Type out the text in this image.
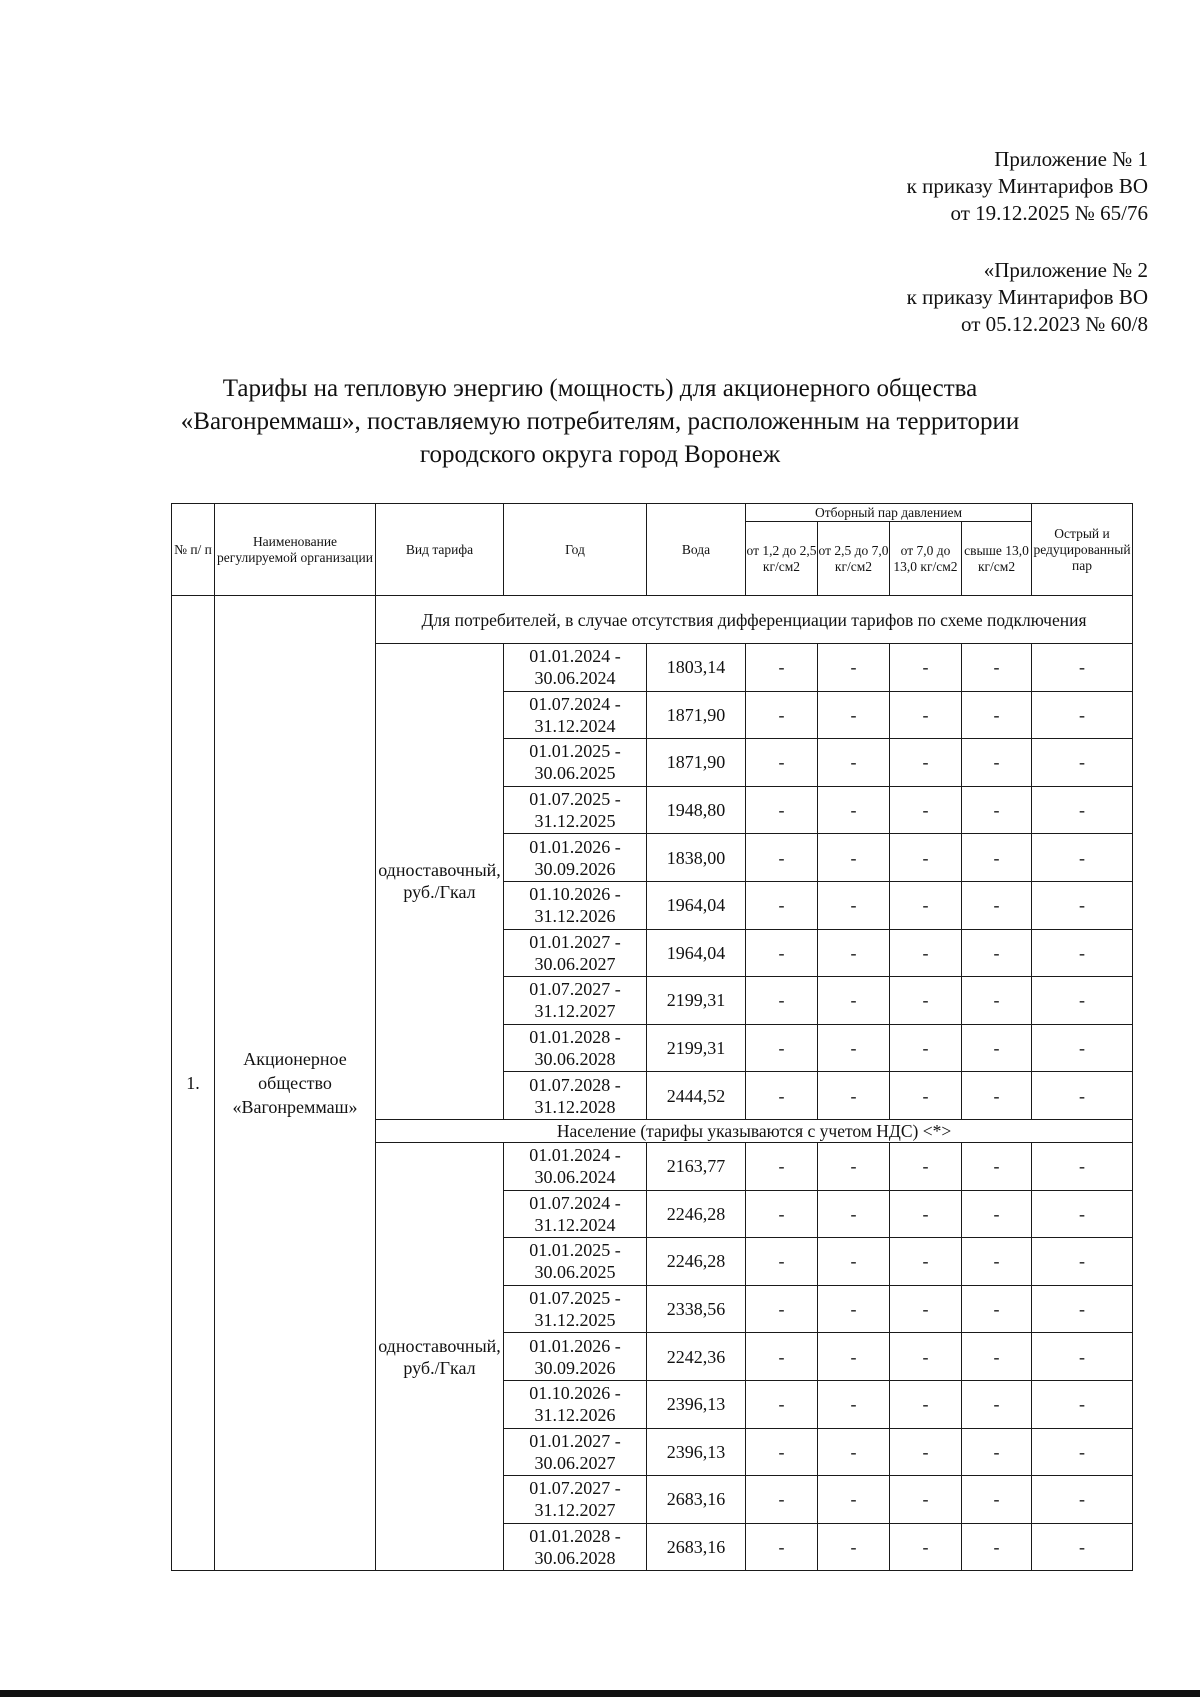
Приложение № 1
к приказу Минтарифов ВО
от 19.12.2025 № 65/76
«Приложение № 2
к приказу Минтарифов ВО
от 05.12.2023 № 60/8
Тарифы на тепловую энергию (мощность) для акционерного общества
«Вагонреммаш», поставляемую потребителям, расположенным на территории
городского округа город Воронеж
№ п/ п	Наименование регулируемой организации	Вид тарифа	Год	Вода	Отборный пар давлением				Острый и редуцированный пар
					от 1,2 до 2,5 кг/см2	от 2,5 до 7,0 кг/см2	от 7,0 до 13,0 кг/см2	свыше 13,0 кг/см2	
1.	Акционерное общество «Вагонреммаш»	Для потребителей, в случае отсутствия дифференциации тарифов по схеме подключения							
		одноставочный, руб./Гкал	01.01.2024 - 30.06.2024	1803,14	-	-	-	-	-
			01.07.2024 - 31.12.2024	1871,90	-	-	-	-	-
			01.01.2025 - 30.06.2025	1871,90	-	-	-	-	-
			01.07.2025 - 31.12.2025	1948,80	-	-	-	-	-
			01.01.2026 - 30.09.2026	1838,00	-	-	-	-	-
			01.10.2026 - 31.12.2026	1964,04	-	-	-	-	-
			01.01.2027 - 30.06.2027	1964,04	-	-	-	-	-
			01.07.2027 - 31.12.2027	2199,31	-	-	-	-	-
			01.01.2028 - 30.06.2028	2199,31	-	-	-	-	-
			01.07.2028 - 31.12.2028	2444,52	-	-	-	-	-
		Население (тарифы указываются с учетом НДС) <*>							
		одноставочный, руб./Гкал	01.01.2024 - 30.06.2024	2163,77	-	-	-	-	-
			01.07.2024 - 31.12.2024	2246,28	-	-	-	-	-
			01.01.2025 - 30.06.2025	2246,28	-	-	-	-	-
			01.07.2025 - 31.12.2025	2338,56	-	-	-	-	-
			01.01.2026 - 30.09.2026	2242,36	-	-	-	-	-
			01.10.2026 - 31.12.2026	2396,13	-	-	-	-	-
			01.01.2027 - 30.06.2027	2396,13	-	-	-	-	-
			01.07.2027 - 31.12.2027	2683,16	-	-	-	-	-
			01.01.2028 - 30.06.2028	2683,16	-	-	-	-	-
